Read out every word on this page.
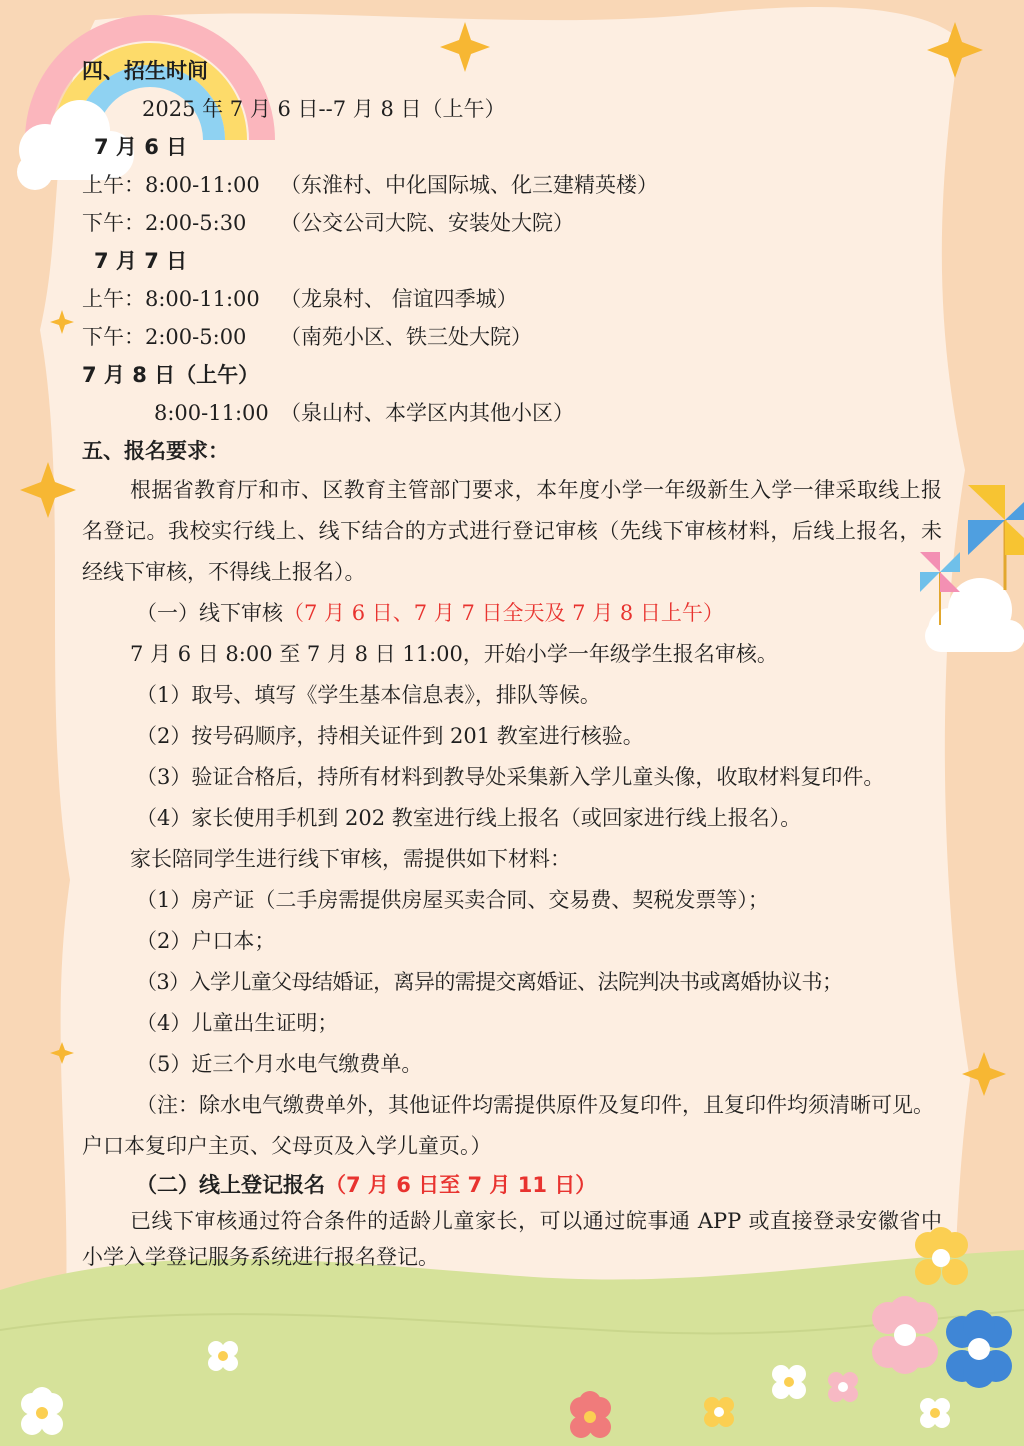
四、招生时间
2025 年 7 月 6 日--7 月 8 日（上午）
7 月 6 日
上午：8:00-11:00 （东淮村、中化国际城、化三建精英楼）
下午：2:00-5:30 （公交公司大院、安装处大院）
7 月 7 日
上午：8:00-11:00 （龙泉村、 信谊四季城）
下午：2:00-5:00 （南苑小区、铁三处大院）
7 月 8 日（上午）
8:00-11:00 （泉山村、本学区内其他小区）
五、报名要求：

根据省教育厅和市、区教育主管部门要求，本年度小学一年级新生入学一律采取线上报名登记。我校实行线上、线下结合的方式进行登记审核（先线下审核材料，后线上报名，未经线下审核，不得线上报名）。

（一）线下审核（7 月 6 日、7 月 7 日全天及 7 月 8 日上午）
7 月 6 日 8:00 至 7 月 8 日 11:00，开始小学一年级学生报名审核。
（1）取号、填写《学生基本信息表》，排队等候。
（2）按号码顺序，持相关证件到 201 教室进行核验。
（3）验证合格后，持所有材料到教导处采集新入学儿童头像，收取材料复印件。
（4）家长使用手机到 202 教室进行线上报名（或回家进行线上报名）。
家长陪同学生进行线下审核，需提供如下材料：
（1）房产证（二手房需提供房屋买卖合同、交易费、契税发票等）；
（2）户口本；
（3）入学儿童父母结婚证，离异的需提交离婚证、法院判决书或离婚协议书；
（4）儿童出生证明；
（5）近三个月水电气缴费单。
（注：除水电气缴费单外，其他证件均需提供原件及复印件，且复印件均须清晰可见。户口本复印户主页、父母页及入学儿童页。）
（二）线上登记报名（7 月 6 日至 7 月 11 日）

已线下审核通过符合条件的适龄儿童家长，可以通过皖事通 APP 或直接登录安徽省中小学入学登记服务系统进行报名登记。
